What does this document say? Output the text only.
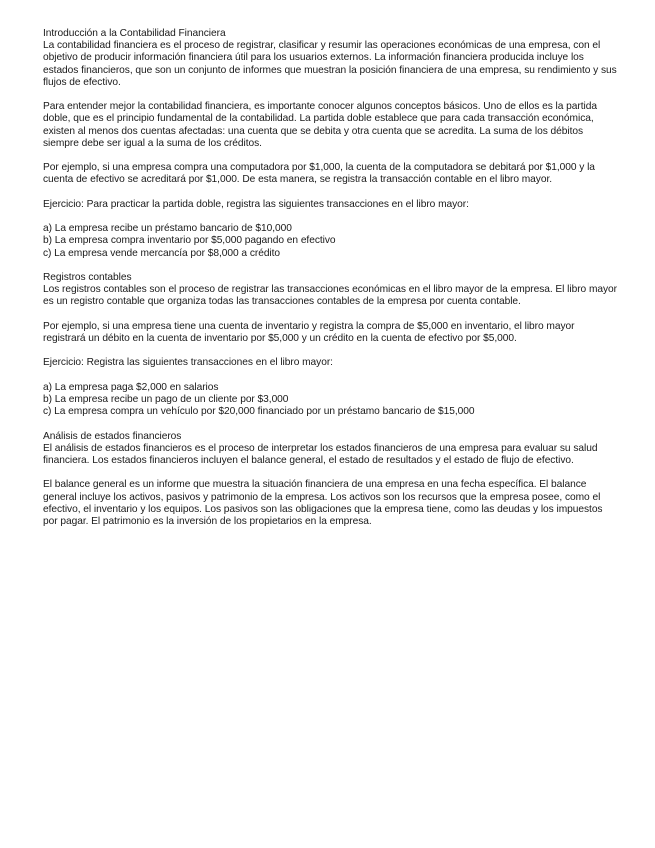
Introducción a la Contabilidad Financiera

La contabilidad financiera es el proceso de registrar, clasificar y resumir las operaciones económicas de una empresa, con el objetivo de producir información financiera útil para los usuarios externos. La información financiera producida incluye los estados financieros, que son un conjunto de informes que muestran la posición financiera de una empresa, su rendimiento y sus flujos de efectivo.

Para entender mejor la contabilidad financiera, es importante conocer algunos conceptos básicos. Uno de ellos es la partida doble, que es el principio fundamental de la contabilidad. La partida doble establece que para cada transacción económica, existen al menos dos cuentas afectadas: una cuenta que se debita y otra cuenta que se acredita. La suma de los débitos siempre debe ser igual a la suma de los créditos.

Por ejemplo, si una empresa compra una computadora por $1,000, la cuenta de la computadora se debitará por $1,000 y la cuenta de efectivo se acreditará por $1,000. De esta manera, se registra la transacción contable en el libro mayor.

Ejercicio: Para practicar la partida doble, registra las siguientes transacciones en el libro mayor:

a) La empresa recibe un préstamo bancario de $10,000
b) La empresa compra inventario por $5,000 pagando en efectivo
c) La empresa vende mercancía por $8,000 a crédito
Registros contables

Los registros contables son el proceso de registrar las transacciones económicas en el libro mayor de la empresa. El libro mayor es un registro contable que organiza todas las transacciones contables de la empresa por cuenta contable.

Por ejemplo, si una empresa tiene una cuenta de inventario y registra la compra de $5,000 en inventario, el libro mayor registrará un débito en la cuenta de inventario por $5,000 y un crédito en la cuenta de efectivo por $5,000.

Ejercicio: Registra las siguientes transacciones en el libro mayor:

a) La empresa paga $2,000 en salarios
b) La empresa recibe un pago de un cliente por $3,000
c) La empresa compra un vehículo por $20,000 financiado por un préstamo bancario de $15,000
Análisis de estados financieros

El análisis de estados financieros es el proceso de interpretar los estados financieros de una empresa para evaluar su salud financiera. Los estados financieros incluyen el balance general, el estado de resultados y el estado de flujo de efectivo.

El balance general es un informe que muestra la situación financiera de una empresa en una fecha específica. El balance general incluye los activos, pasivos y patrimonio de la empresa. Los activos son los recursos que la empresa posee, como el efectivo, el inventario y los equipos. Los pasivos son las obligaciones que la empresa tiene, como las deudas y los impuestos por pagar. El patrimonio es la inversión de los propietarios en la empresa.
